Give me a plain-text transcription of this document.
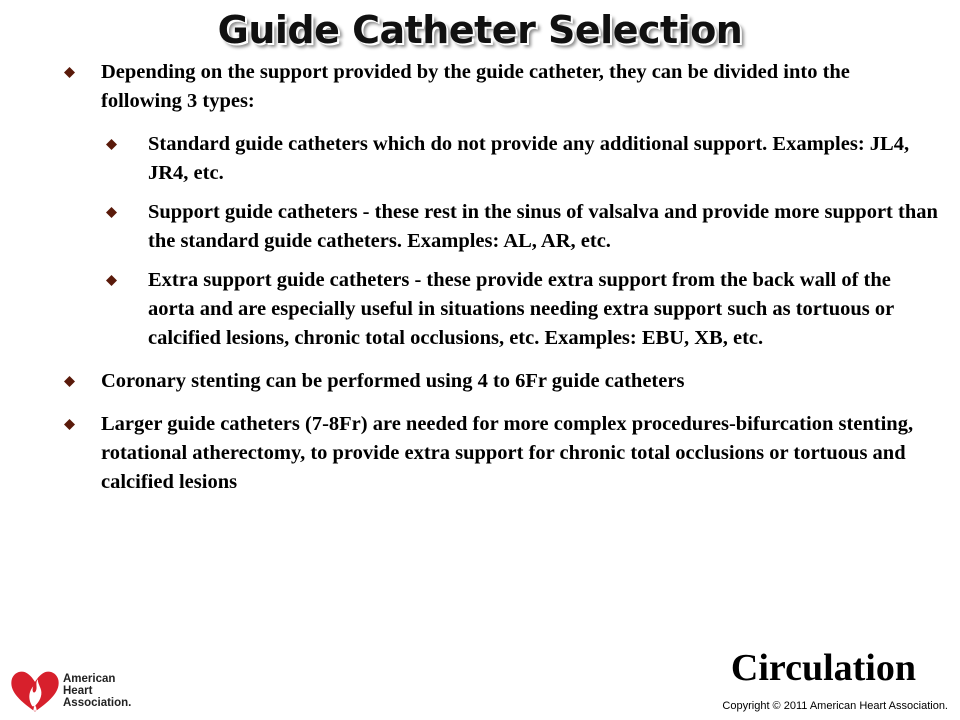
Guide Catheter Selection

Depending on the support provided by the guide catheter, they can be divided into the following 3 types:

Standard guide catheters which do not provide any additional support. Examples: JL4, JR4, etc.

Support guide catheters - these rest in the sinus of valsalva and provide more support than the standard guide catheters. Examples: AL, AR, etc.

Extra support guide catheters - these provide extra support from the back wall of the aorta and are especially useful in situations needing extra support such as tortuous or calcified lesions, chronic total occlusions, etc. Examples: EBU, XB, etc.

Coronary stenting can be performed using 4 to 6Fr guide catheters

Larger guide catheters (7-8Fr) are needed for more complex procedures-bifurcation stenting, rotational atherectomy, to provide extra support for chronic total occlusions or tortuous and calcified lesions

American
Heart
Association.
Circulation
Copyright © 2011 American Heart Association.
